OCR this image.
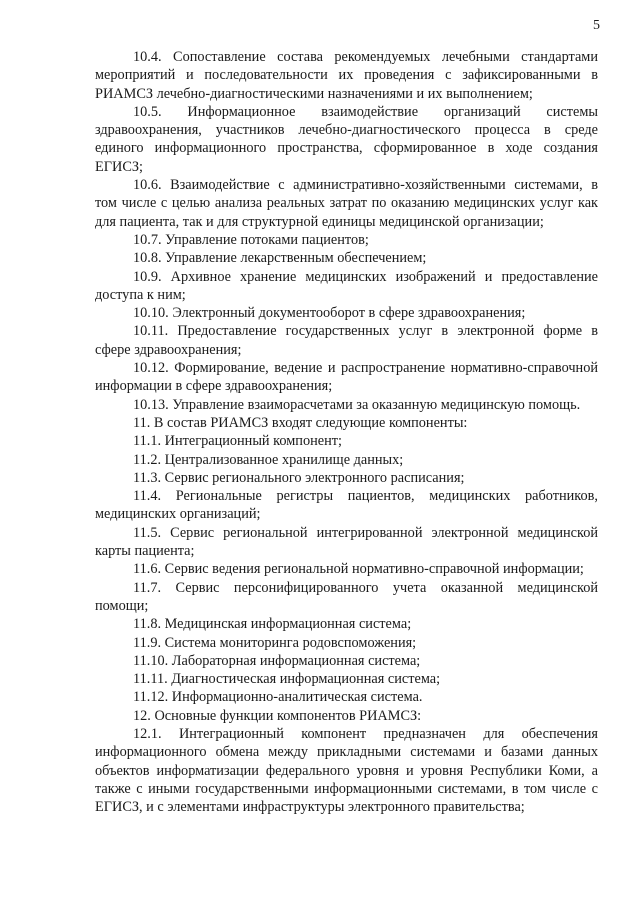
5

10.4. Сопоставление состава рекомендуемых лечебными стандартами мероприятий и последовательности их проведения с зафиксированными в РИАМСЗ лечебно-диагностическими назначениями и их выполнением;

10.5. Информационное взаимодействие организаций системы здравоохранения, участников лечебно-диагностического процесса в среде единого информационного пространства, сформированное в ходе создания ЕГИСЗ;

10.6. Взаимодействие с административно-хозяйственными системами, в том числе с целью анализа реальных затрат по оказанию медицинских услуг как для пациента, так и для структурной единицы медицинской организации;

10.7. Управление потоками пациентов;

10.8. Управление лекарственным обеспечением;

10.9. Архивное хранение медицинских изображений и предоставление доступа к ним;

10.10. Электронный документооборот в сфере здравоохранения;

10.11. Предоставление государственных услуг в электронной форме в сфере здравоохранения;

10.12. Формирование, ведение и распространение нормативно-справочной информации в сфере здравоохранения;

10.13. Управление взаиморасчетами за оказанную медицинскую помощь.

11. В состав РИАМСЗ входят следующие компоненты:

11.1. Интеграционный компонент;

11.2. Централизованное хранилище данных;

11.3. Сервис регионального электронного расписания;

11.4. Региональные регистры пациентов, медицинских работников, медицинских организаций;

11.5. Сервис региональной интегрированной электронной медицинской карты пациента;

11.6. Сервис ведения региональной нормативно-справочной информации;

11.7. Сервис персонифицированного учета оказанной медицинской помощи;

11.8. Медицинская информационная система;

11.9. Система мониторинга родовспоможения;

11.10. Лабораторная информационная система;

11.11. Диагностическая информационная система;

11.12. Информационно-аналитическая система.

12. Основные функции компонентов РИАМСЗ:

12.1. Интеграционный компонент предназначен для обеспечения информационного обмена между прикладными системами и базами данных объектов информатизации федерального уровня и уровня Республики Коми, а также с иными государственными информационными системами, в том числе с ЕГИСЗ, и с элементами инфраструктуры электронного правительства;
